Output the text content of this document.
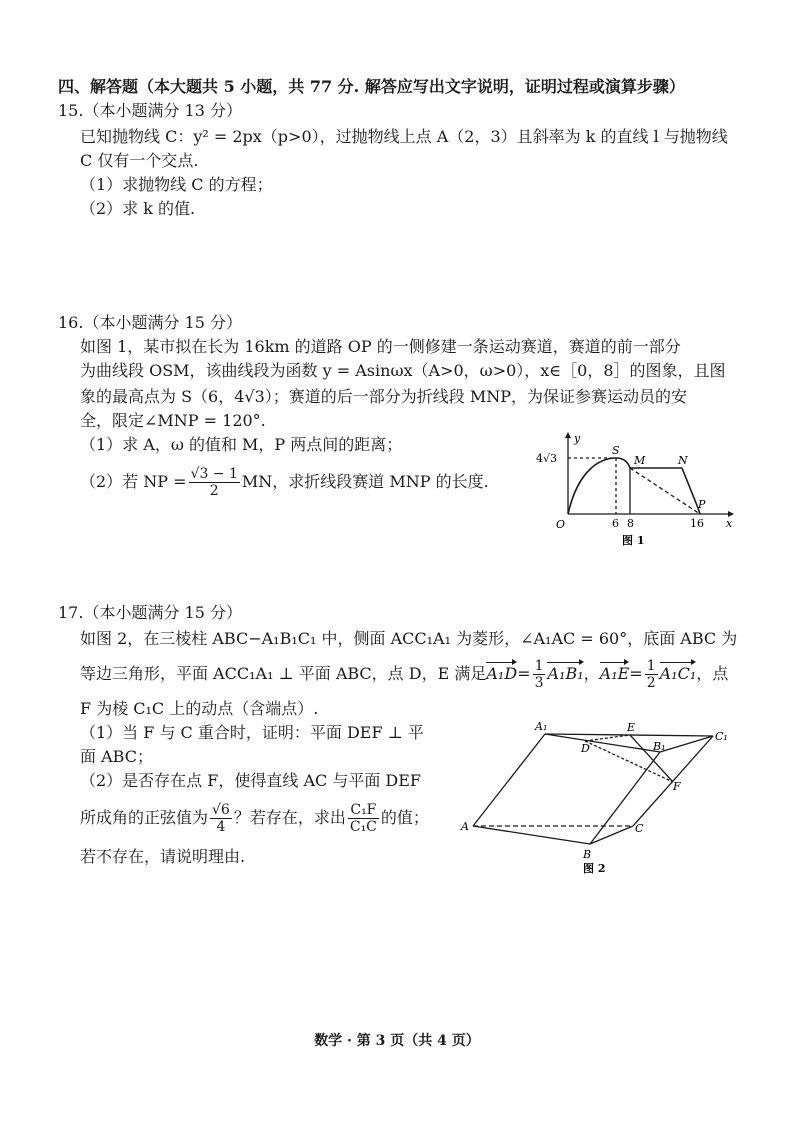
四、解答题（本大题共 5 小题，共 77 分. 解答应写出文字说明，证明过程或演算步骤）
15.（本小题满分 13 分）
已知抛物线 C：y² = 2px（p>0），过抛物线上点 A（2，3）且斜率为 k 的直线 l 与抛物线
C 仅有一个交点.
（1）求抛物线 C 的方程；
（2）求 k 的值.
16.（本小题满分 15 分）
如图 1，某市拟在长为 16km 的道路 OP 的一侧修建一条运动赛道，赛道的前一部分
为曲线段 OSM，该曲线段为函数 y = Asinωx（A>0，ω>0），x∈［0，8］的图象，且图
象的最高点为 S（6，4√3）；赛道的后一部分为折线段 MNP，为保证参赛运动员的安
全，限定∠MNP = 120°.
（1）求 A，ω 的值和 M，P 两点间的距离；
（2）若 NP = $\frac{√3 - 1}{2}$ MN，求折线段赛道 MNP 的长度.
y
x
O
4√3
6 8	16
S
M	N
P
图 1
17.（本小题满分 15 分）
如图 2，在三棱柱 ABC−A₁B₁C₁ 中，侧面 ACC₁A₁ 为菱形，∠A₁AC = 60°，底面 ABC 为
等边三角形，平面 ACC₁A₁ ⊥ 平面 ABC，点 D，E 满足$A_1D= \frac{1}{3} A_1B_1$，$A_1E= \frac{1}{2} A_1C_1$，点
F 为棱 C₁C 上的动点（含端点）.
（1）当 F 与 C 重合时，证明：平面 DEF ⊥ 平
面 ABC；
（2）是否存在点 F，使得直线 AC 与平面 DEF
所成角的正弦值为 $\frac{√6}{4}$ ？若存在，求出 $\frac{\text{C₁F}}{\text{C₁C}}$ 的值；
若不存在，请说明理由.
A₁	E
C₁
D	B₁
F
A	C
B
图 2
数学 · 第 3 页（共 4 页）
